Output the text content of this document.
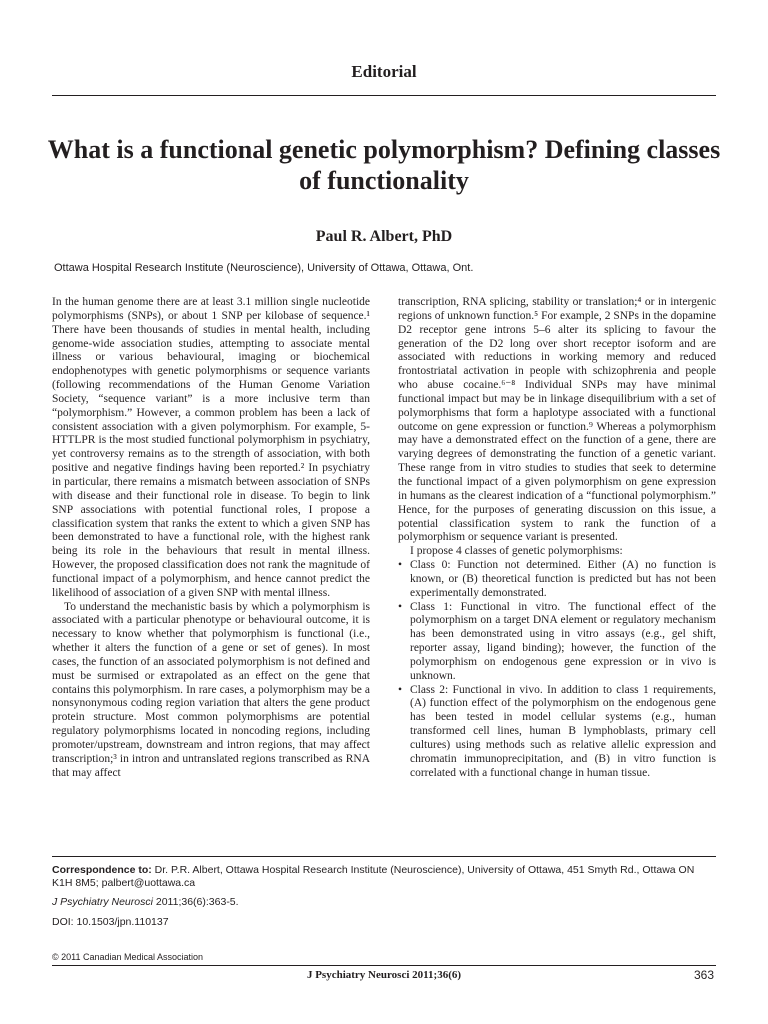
Editorial
What is a functional genetic polymorphism? Defining classes of functionality
Paul R. Albert, PhD
Ottawa Hospital Research Institute (Neuroscience), University of Ottawa, Ottawa, Ont.

In the human genome there are at least 3.1 million single nucleotide polymorphisms (SNPs), or about 1 SNP per kilobase of sequence.¹ There have been thousands of studies in mental health, including genome-wide association studies, attempting to associate mental illness or various behavioural, imaging or biochemical endophenotypes with genetic polymorphisms or sequence variants (following recommendations of the Human Genome Variation Society, “sequence variant” is a more inclusive term than “polymorphism.” However, a common problem has been a lack of consistent association with a given polymorphism. For example, 5-HTTLPR is the most studied functional polymorphism in psychiatry, yet controversy remains as to the strength of association, with both positive and negative findings having been reported.² In psychiatry in particular, there remains a mismatch between association of SNPs with disease and their functional role in disease. To begin to link SNP associations with potential functional roles, I propose a classification system that ranks the extent to which a given SNP has been demonstrated to have a functional role, with the highest rank being its role in the behaviours that result in mental illness. However, the proposed classification does not rank the magnitude of functional impact of a polymorphism, and hence cannot predict the likelihood of association of a given SNP with mental illness.

To understand the mechanistic basis by which a polymorphism is associated with a particular phenotype or behavioural outcome, it is necessary to know whether that polymorphism is functional (i.e., whether it alters the function of a gene or set of genes). In most cases, the function of an associated polymorphism is not defined and must be surmised or extrapolated as an effect on the gene that contains this polymorphism. In rare cases, a polymorphism may be a nonsynonymous coding region variation that alters the gene product protein structure. Most common polymorphisms are potential regulatory polymorphisms located in noncoding regions, including promoter/upstream, downstream and intron regions, that may affect transcription;³ in intron and untranslated regions transcribed as RNA that may affect

transcription, RNA splicing, stability or translation;⁴ or in intergenic regions of unknown function.⁵ For example, 2 SNPs in the dopamine D2 receptor gene introns 5–6 alter its splicing to favour the generation of the D2 long over short receptor isoform and are associated with reductions in working memory and reduced frontostriatal activation in people with schizophrenia and people who abuse cocaine.⁶⁻⁸ Individual SNPs may have minimal functional impact but may be in linkage disequilibrium with a set of polymorphisms that form a haplotype associated with a functional outcome on gene expression or function.⁹ Whereas a polymorphism may have a demonstrated effect on the function of a gene, there are varying degrees of demonstrating the function of a genetic variant. These range from in vitro studies to studies that seek to determine the functional impact of a given polymorphism on gene expression in humans as the clearest indication of a “functional polymorphism.” Hence, for the purposes of generating discussion on this issue, a potential classification system to rank the function of a polymorphism or sequence variant is presented.

I propose 4 classes of genetic polymorphisms:

• Class 0: Function not determined. Either (A) no function is known, or (B) theoretical function is predicted but has not been experimentally demonstrated.
• Class 1: Functional in vitro. The functional effect of the polymorphism on a target DNA element or regulatory mechanism has been demonstrated using in vitro assays (e.g., gel shift, reporter assay, ligand binding); however, the function of the polymorphism on endogenous gene expression or in vivo is unknown.
• Class 2: Functional in vivo. In addition to class 1 requirements, (A) function effect of the polymorphism on the endogenous gene has been tested in model cellular systems (e.g., human transformed cell lines, human B lymphoblasts, primary cell cultures) using methods such as relative allelic expression and chromatin immunoprecipitation, and (B) in vitro function is correlated with a functional change in human tissue.
Correspondence to: Dr. P.R. Albert, Ottawa Hospital Research Institute (Neuroscience), University of Ottawa, 451 Smyth Rd., Ottawa ON K1H 8M5; palbert@uottawa.ca
J Psychiatry Neurosci 2011;36(6):363-5.
DOI: 10.1503/jpn.110137
© 2011 Canadian Medical Association
J Psychiatry Neurosci 2011;36(6)	363
